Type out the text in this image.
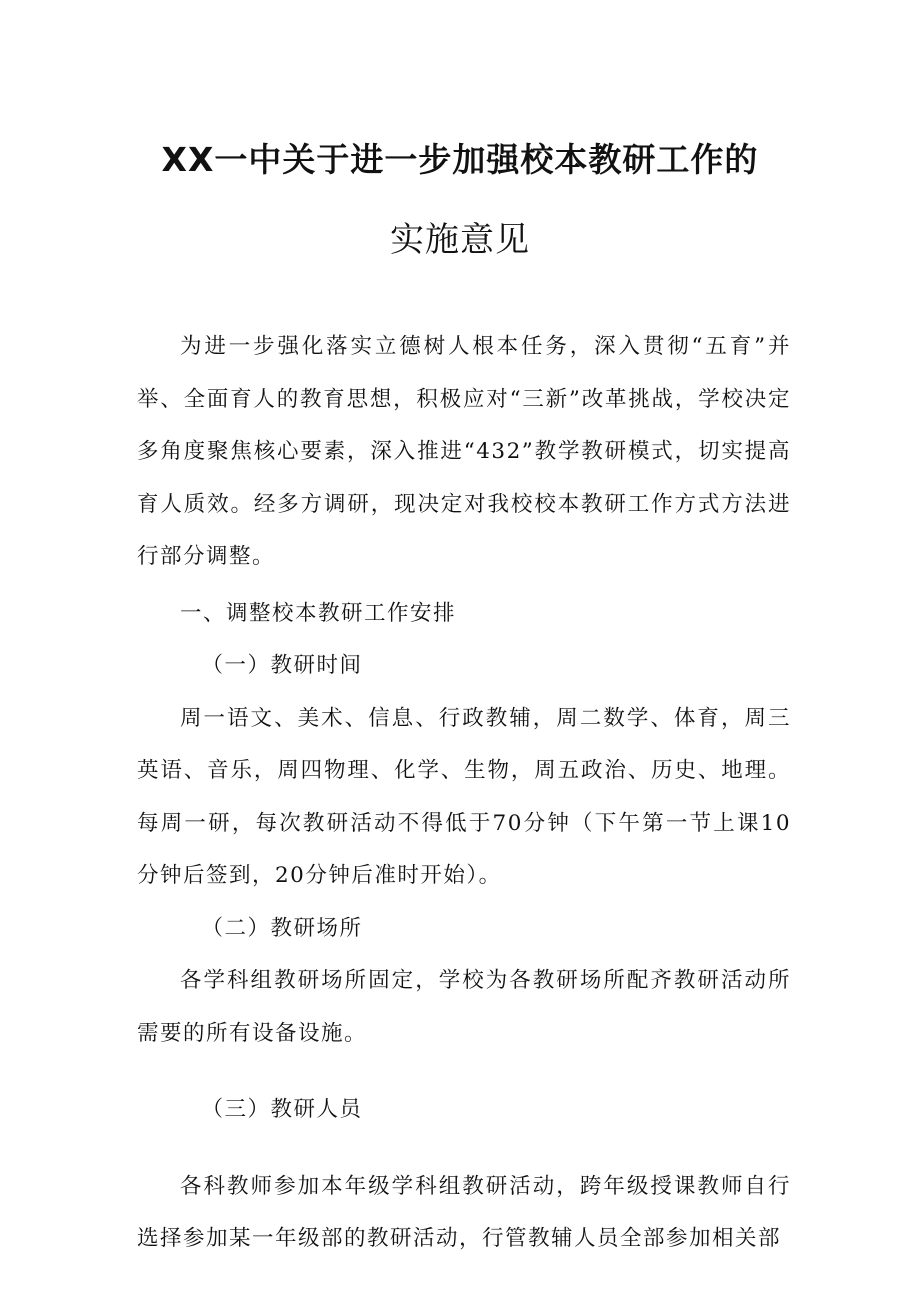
XX一中关于进一步加强校本教研工作的
实施意见

为进一步强化落实立德树人根本任务，深入贯彻“五育”并举、全面育人的教育思想，积极应对“三新”改革挑战，学校决定多角度聚焦核心要素，深入推进“432”教学教研模式，切实提高育人质效。经多方调研，现决定对我校校本教研工作方式方法进行部分调整。

一、调整校本教研工作安排

（一）教研时间

周一语文、美术、信息、行政教辅，周二数学、体育，周三英语、音乐，周四物理、化学、生物，周五政治、历史、地理。每周一研，每次教研活动不得低于70分钟（下午第一节上课10分钟后签到，20分钟后准时开始）。

（二）教研场所

各学科组教研场所固定，学校为各教研场所配齐教研活动所需要的所有设备设施。

（三）教研人员

各科教师参加本年级学科组教研活动，跨年级授课教师自行选择参加某一年级部的教研活动，行管教辅人员全部参加相关部
